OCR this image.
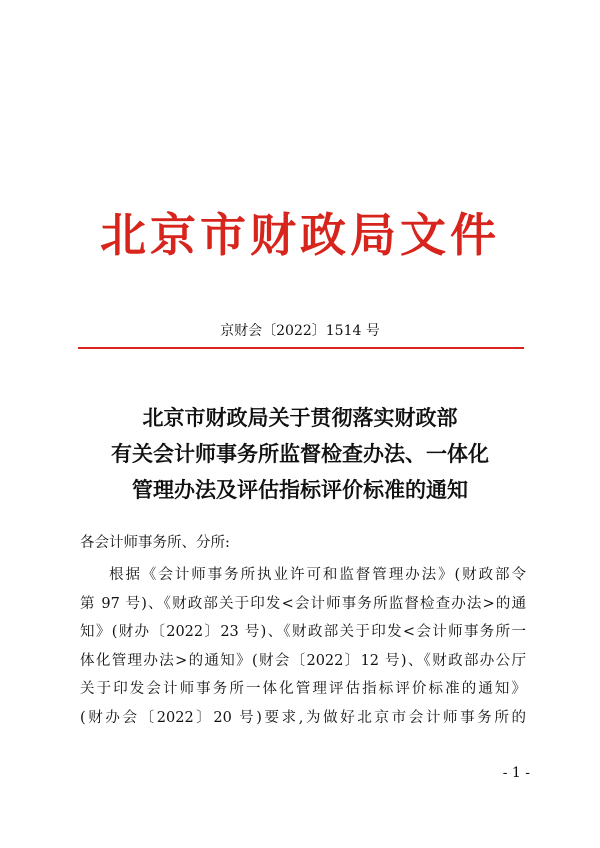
北京市财政局文件
京财会〔2022〕1514 号
北京市财政局关于贯彻落实财政部
有关会计师事务所监督检查办法、一体化
管理办法及评估指标评价标准的通知
各会计师事务所、分所:
根据《会计师事务所执业许可和监督管理办法》(财政部令
第 97 号)、《财政部关于印发<会计师事务所监督检查办法>的通
知》(财办〔2022〕23 号)、《财政部关于印发<会计师事务所一
体化管理办法>的通知》(财会〔2022〕12 号)、《财政部办公厅
关于印发会计师事务所一体化管理评估指标评价标准的通知》
(财办会〔2022〕20 号)要求,为做好北京市会计师事务所的
- 1 -
